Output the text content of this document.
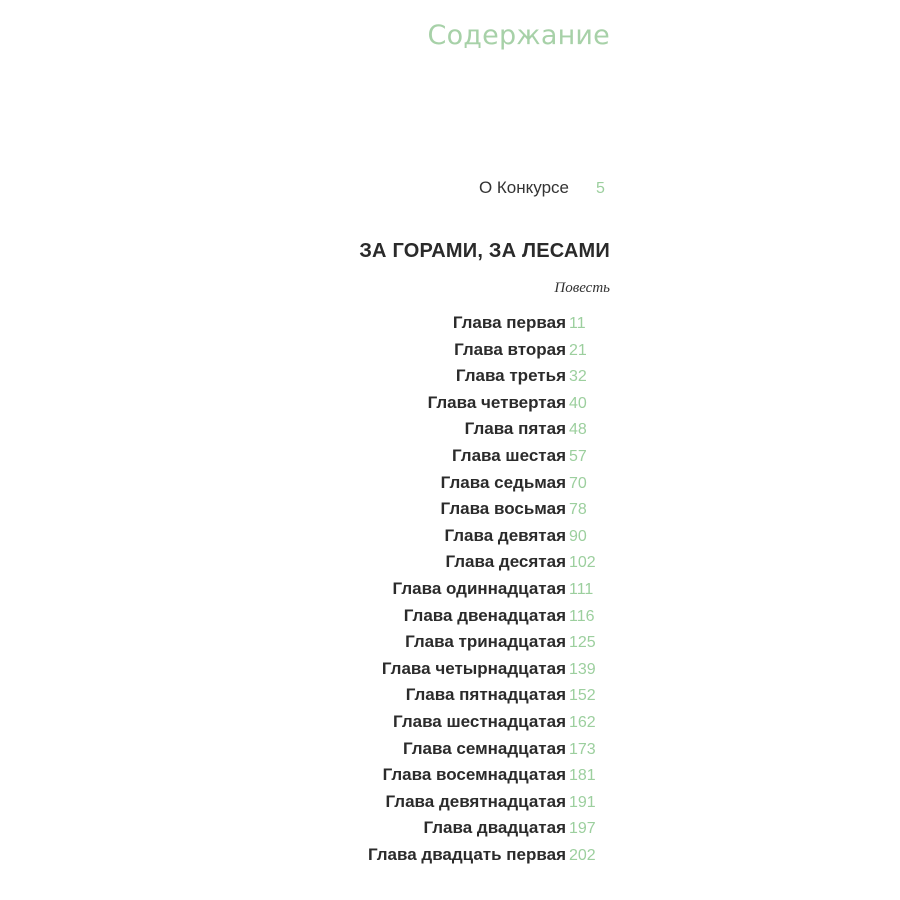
Содержание
О Конкурсе 5
ЗА ГОРАМИ, ЗА ЛЕСАМИ
Повесть
Глава первая 11
Глава вторая 21
Глава третья 32
Глава четвертая 40
Глава пятая 48
Глава шестая 57
Глава седьмая 70
Глава восьмая 78
Глава девятая 90
Глава десятая 102
Глава одиннадцатая 111
Глава двенадцатая 116
Глава тринадцатая 125
Глава четырнадцатая 139
Глава пятнадцатая 152
Глава шестнадцатая 162
Глава семнадцатая 173
Глава восемнадцатая 181
Глава девятнадцатая 191
Глава двадцатая 197
Глава двадцать первая 202
